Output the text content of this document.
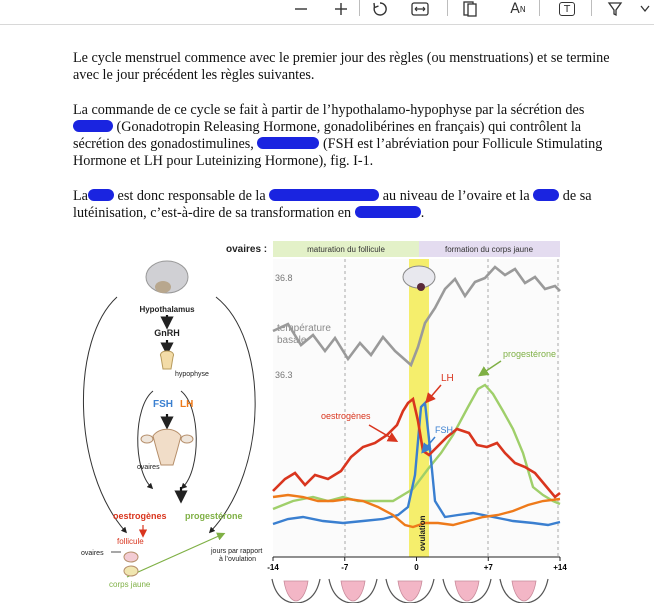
A N	T

Le cycle menstruel commence avec le premier jour des règles (ou menstruations) et se termine avec le jour précédent les règles suivantes.

La commande de ce cycle se fait à partir de l’hypothalamo-hypophyse par la sécrétion des  (Gonadotropin Releasing Hormone, gonadolibérines en français) qui contrôlent la sécrétion des gonadostimulines,	(FSH est l’abréviation pour Follicule Stimulating Hormone et LH pour Luteinizing Hormone), fig. I-1.

La est donc responsable de la	au niveau de l’ovaire et la de sa lutéinisation, c’est-à-dire de sa transformation en	.

ovaires :	maturation du follicule	formation du corps jaune
36.8
36.3
température
basale
progestérone
LH
oestrogènes
FSH
ovulation
jours par rapport
à l’ovulation
-14	-7	0	+7	+14
Hypothalamus
GnRH
hypophyse
FSH LH
ovaires
oestrogènes progestérone
follicule
ovaires
corps jaune
